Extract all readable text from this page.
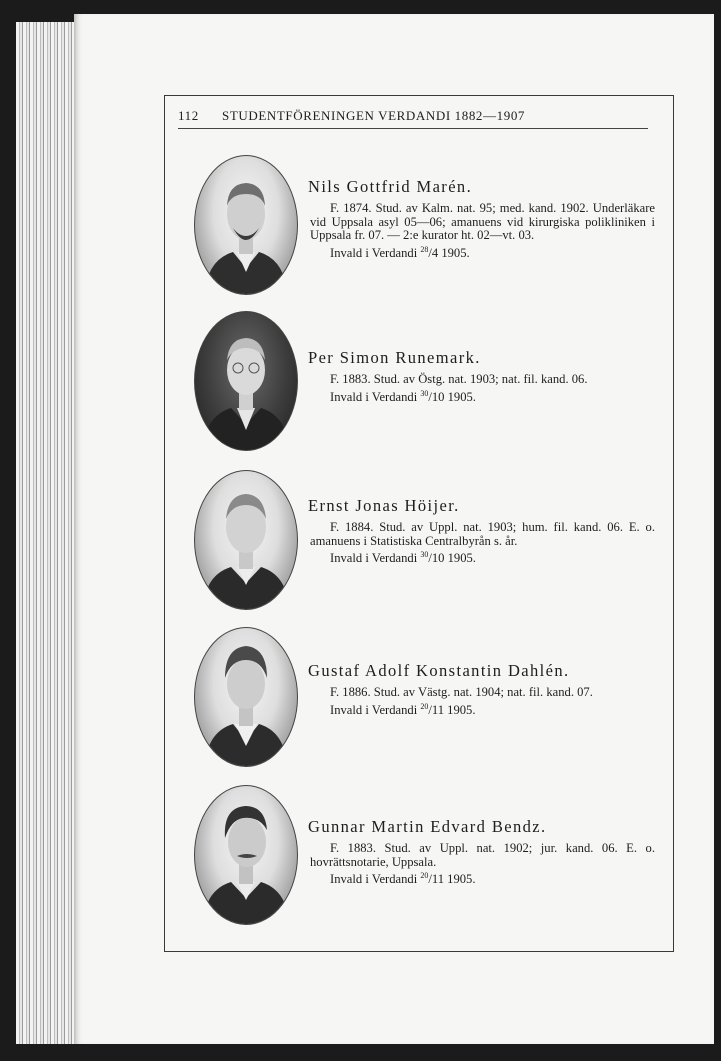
112 STUDENTFÖRENINGEN VERDANDI 1882—1907
Nils Gottfrid Marén.

F. 1874. Stud. av Kalm. nat. 95; med. kand. 1902. Underläkare vid Uppsala asyl 05—06; amanuens vid kirurgiska polikliniken i Uppsala fr. 07. — 2:e kurator ht. 02—vt. 03.

Invald i Verdandi $^{28}$/4 1905.

Per Simon Runemark.

F. 1883. Stud. av Östg. nat. 1903; nat. fil. kand. 06.

Invald i Verdandi $^{30}$/10 1905.

Ernst Jonas Höijer.

F. 1884. Stud. av Uppl. nat. 1903; hum. fil. kand. 06. E. o. amanuens i Statistiska Centralbyrån s. år.

Invald i Verdandi $^{30}$/10 1905.

Gustaf Adolf Konstantin Dahlén.

F. 1886. Stud. av Västg. nat. 1904; nat. fil. kand. 07.

Invald i Verdandi $^{20}$/11 1905.

Gunnar Martin Edvard Bendz.

F. 1883. Stud. av Uppl. nat. 1902; jur. kand. 06. E. o. hovrättsnotarie, Uppsala.

Invald i Verdandi $^{20}$/11 1905.
